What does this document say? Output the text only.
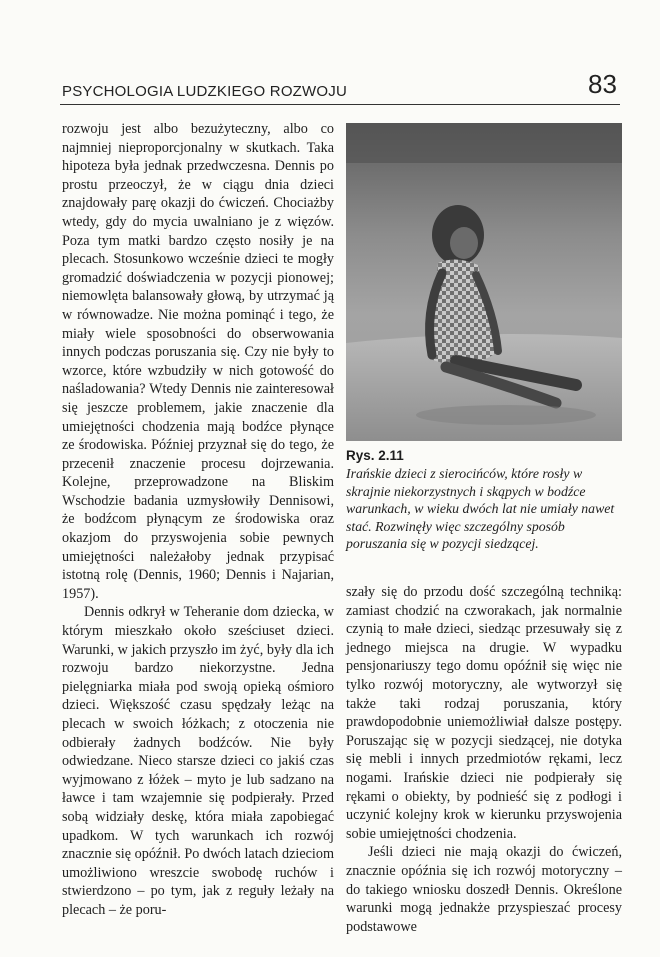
PSYCHOLOGIA LUDZKIEGO ROZWOJU	83

rozwoju jest albo bezużyteczny, albo co najmniej nieproporcjonalny w skutkach. Taka hipoteza była jednak przedwczesna. Dennis po prostu przeoczył, że w ciągu dnia dzieci znajdowały parę okazji do ćwiczeń. Chociażby wtedy, gdy do mycia uwalniano je z więzów. Poza tym matki bardzo często nosiły je na plecach. Stosunkowo wcześnie dzieci te mogły gromadzić doświadczenia w pozycji pionowej; niemowlęta balansowały głową, by utrzymać ją w równowadze. Nie można pominąć i tego, że miały wiele sposobności do obserwowania innych podczas poruszania się. Czy nie były to wzorce, które wzbudziły w nich gotowość do naśladowania? Wtedy Dennis nie zainteresował się jeszcze problemem, jakie znaczenie dla umiejętności chodzenia mają bodźce płynące ze środowiska. Później przyznał się do tego, że przecenił znaczenie procesu dojrzewania. Kolejne, przeprowadzone na Bliskim Wschodzie badania uzmysłowiły Dennisowi, że bodźcom płynącym ze środowiska oraz okazjom do przyswojenia sobie pewnych umiejętności należałoby jednak przypisać istotną rolę (Dennis, 1960; Dennis i Najarian, 1957).

Dennis odkrył w Teheranie dom dziecka, w którym mieszkało około sześciuset dzieci. Warunki, w jakich przyszło im żyć, były dla ich rozwoju bardzo niekorzystne. Jedna pielęgniarka miała pod swoją opieką ośmioro dzieci. Większość czasu spędzały leżąc na plecach w swoich łóżkach; z otoczenia nie odbierały żadnych bodźców. Nie były odwiedzane. Nieco starsze dzieci co jakiś czas wyjmowano z łóżek – myto je lub sadzano na ławce i tam wzajemnie się podpierały. Przed sobą widziały deskę, która miała zapobiegać upadkom. W tych warunkach ich rozwój znacznie się opóźnił. Po dwóch latach dzieciom umożliwiono wreszcie swobodę ruchów i stwierdzono – po tym, jak z reguły leżały na plecach – że poru-

Rys. 2.11

Irańskie dzieci z sierocińców, które rosły w skrajnie niekorzystnych i skąpych w bodźce warunkach, w wieku dwóch lat nie umiały nawet stać. Rozwinęły więc szczególny sposób poruszania się w pozycji siedzącej.

szały się do przodu dość szczególną techniką: zamiast chodzić na czworakach, jak normalnie czynią to małe dzieci, siedząc przesuwały się z jednego miejsca na drugie. W wypadku pensjonariuszy tego domu opóźnił się więc nie tylko rozwój motoryczny, ale wytworzył się także taki rodzaj poruszania, który prawdopodobnie uniemożliwiał dalsze postępy. Poruszając się w pozycji siedzącej, nie dotyka się mebli i innych przedmiotów rękami, lecz nogami. Irańskie dzieci nie podpierały się rękami o obiekty, by podnieść się z podłogi i uczynić kolejny krok w kierunku przyswojenia sobie umiejętności chodzenia.

Jeśli dzieci nie mają okazji do ćwiczeń, znacznie opóźnia się ich rozwój motoryczny – do takiego wniosku doszedł Dennis. Określone warunki mogą jednakże przyspieszać procesy podstawowe
